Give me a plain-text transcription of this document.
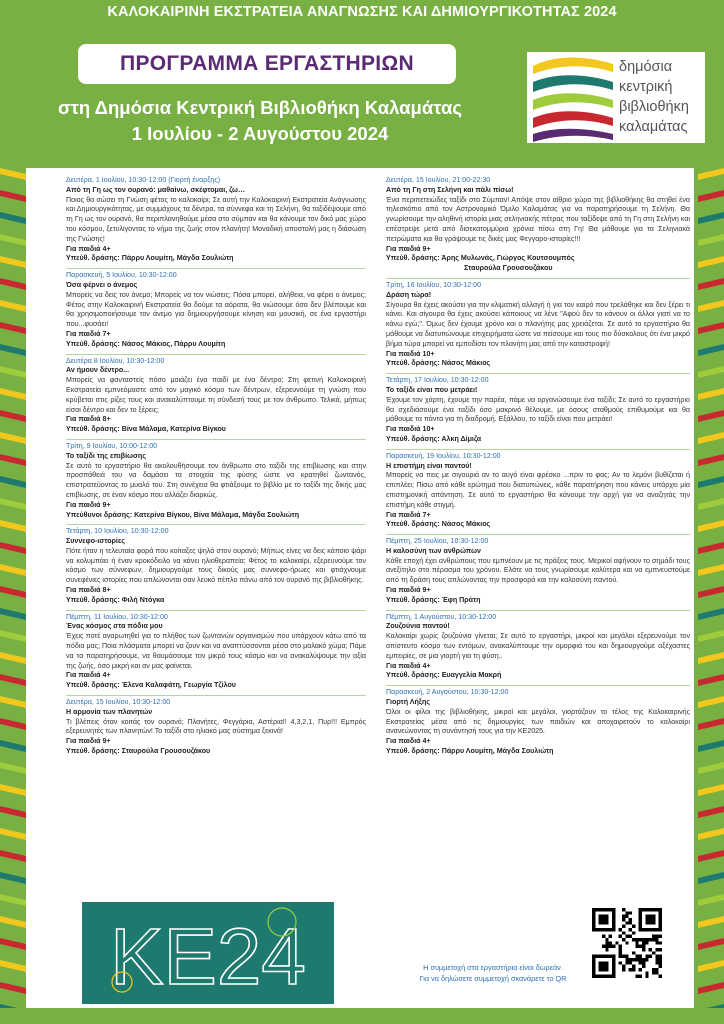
ΚΑΛΟΚΑΙΡΙΝΗ ΕΚΣΤΡΑΤΕΙΑ ΑΝΑΓΝΩΣΗΣ ΚΑΙ ΔΗΜΙΟΥΡΓΙΚΟΤΗΤΑΣ 2024
ΠΡΟΓΡΑΜΜΑ ΕΡΓΑΣΤΗΡΙΩΝ
στη Δημόσια Κεντρική Βιβλιοθήκη Καλαμάτας
1 Ιουλίου - 2 Αυγούστου 2024
δημόσια
κεντρική
βιβλιοθήκη
καλαμάτας
Δευτέρα, 1 Ιουλίου, 10:30-12:00 (Γιορτή έναρξης)
Από τη Γη ως τον ουρανό: μαθαίνω, σκέφτομαι, ζω…
Ποιος θα σώσει τη Γνώση φέτος το καλοκαίρι; Σε αυτή την Καλοκαιρινή Εκστρατεία Ανάγνωσης και Δημιουργικότητας, με συμμάχους τα δέντρα, τα σύννεφα και τη Σελήνη, θα ταξιδέψουμε από τη Γη ως τον ουρανό, θα περιπλανηθούμε μέσα στο σύμπαν και θα κάνουμε τον δικό μας χώρο του κόσμου, ξετυλίγοντας το νήμα της ζωής στον πλανήτη! Μοναδική αποστολή μας η διάσωση της Γνώσης!
Για παιδιά 4+
Υπεύθ. δράσης: Πάρρυ Λουμίτη, Μάγδα Σουλιώτη
Παρασκευή, 5 Ιουλίου, 10:30-12:00
Όσα φέρνει ο άνεμος
Μπορείς να δεις τον άνεμο; Μπορείς να τον νιώσεις; Πόσα μπορεί, αλήθεια, να φέρει ο άνεμος; Φέτος στην Καλοκαιρινή Εκστρατεία θα δούμε τα αόρατα, θα νιώσουμε όσα δεν βλέπουμε και θα χρησιμοποιήσουμε τον άνεμο για δημιουργήσουμε κίνηση και μουσική, σε ένα εργαστήρι που...φυσάει!
Για παιδιά 7+
Υπεύθ. δράσης: Νάσος Μάκιος, Πάρρυ Λουμίτη
Δευτέρα 8 Ιουλίου, 10:30-12:00
Αν ήμουν δέντρο...
Μπορείς να φανταστείς πόσο μοιάζει ένα παιδί με ένα δέντρο; Στη φετινή Καλοκαιρινή Εκστρατεία εμπνεόμαστε από τον μαγικό κόσμο των δέντρων, εξερευνούμε τη γνώση που κρύβεται στις ρίζες τους και ανακαλύπτουμε τη σύνδεσή τους με τον άνθρωπο. Τελικά, μήπως είσαι δέντρο και δεν το ξέρεις;
Για παιδιά 8+
Υπεύθ. δράσης: Βίνα Μάλαμα, Κατερίνα Βίγκου
Τρίτη, 9 Ιουλίου, 10:00-12:00
Το ταξίδι της επιβίωσης
Σε αυτό το εργαστήριο θα ακολουθήσουμε τον άνθρωπο στο ταξίδι της επιβίωσης και στην προσπάθειά του να δαμάσει τα στοιχεία της φύσης ώστε να κρατηθεί ζωντανός, επιστρατεύοντας το μυαλό του. Στη συνέχεια θα φτιάξουμε το βιβλίο με το ταξίδι της δικής μας επιβίωσης, σε έναν κόσμο που αλλάζει διαρκώς.
Για παιδιά 9+
Υπεύθυνοι δράσης: Κατερίνα Βίγκου, Βίνα Μάλαμα, Μάγδα Σουλιώτη
Τετάρτη, 10 Ιουλίου, 10:30-12:00
Συννεφο-ιστορίες
Πότε ήταν η τελευταία φορά που κοίταξες ψηλά στον ουρανό; Μήπως είνες να δεις κάποιο ψάρι να κολυμπάει ή έναν κροκόδειλο να κάνει ηλιοθεραπεία; Φέτος το καλοκαίρι, εξερευνούμε τον κόσμο των σύννεφων, δημιουργούμε τους δικούς μας συννεφο-ήρωες και φτιάχνουμε συνεφένιες ιστορίες που απλώνονται σαν λευκό πέπλο πάνω από τον ουρανό της βιβλιοθήκης.
Για παιδιά 8+
Υπεύθ. δράσης: Φιλή Ντόγκα
Πέμπτη, 11 Ιουλίου, 10:30-12:00
Ένας κόσμος στα πόδια μου
Έχεις ποτέ αναρωτηθεί για το πλήθος των ζωντανών οργανισμών που υπάρχουν κάτω από τα πόδια μας; Ποια πλάσματα μπορεί να ζουν και να αναπτύσσονται μέσα στο μαλακό χώμα; Πάμε να τα παρατηρήσουμε, να θαυμάσουμε τον μικρό τους κόσμο και να ανακαλύψουμε την αξία της ζωής, όσο μικρή και αν μας φαίνεται.
Για παιδιά 4+
Υπεύθ. δράσης: Έλενα Καλαφάτη, Γεωργία Τζίλου
Δευτέρα, 15 Ιουλίου, 10:30-12:00
Η αρμονία των πλανητών
Τι βλέπεις όταν κοιτάς τον ουρανό; Πλανήτες, Φεγγάρια, Αστέρια!! 4,3,2,1, Πυρ!!! Εμπρός εξερευνητές των πλανητών! Το ταξίδι στο ηλιακό μας σύστημα ξεκινά!
Για παιδιά 9+
Υπεύθ. δράσης: Σταυρούλα Γρουσουζάκου
Δευτέρα, 15 Ιουλίου, 21:00-22:30
Από τη Γη στη Σελήνη και πάλι πίσω!
Ένα περιπετειώδες ταξίδι στο Σύμπαν! Απόψε στον αίθριο χώρο της βιβλιοθήκης θα στηθεί ένα τηλεσκόπιο από τον Αστρονομικό Όμιλο Καλαμάτας για να παρατηρήσουμε τη Σελήνη. Θα γνωρίσουμε την αληθινή ιστορία μιας σεληνιακής πέτρας που ταξίδεψε από τη Γη στη Σελήνη και επέστρεψε μετά από δισεκατομμύρια χρόνια πίσω στη Γη! Θα μάθουμε για τα Σεληνιακά πετρώματα και θα γράψουμε τις δικές μας Φεγγαρο-ιστορίες!!!
Για παιδιά 9+
Υπεύθ. δράσης: Άρης Μυλωνάς, Γιώργος Κουτσουμπός
Σταυρούλα Γρουσουζάκου
Τρίτη, 16 Ιουλίου, 10:30-12:00
Δράση τώρα!
Σίγουρα θα έχεις ακούσει για την κλιματική αλλαγή ή για τον καιρό που τρελάθηκε και δεν ξέρει τι κάνει. Και σίγουρα θα έχεις ακούσει κάποιους να λένε "Αφού δεν το κάνουν οι άλλοι γιατί να το κάνω εγώ;". Όμως δεν έχουμε χρόνο και ο πλανήτης μας χρειάζεται. Σε αυτό το εργαστήριο θα μάθουμε να διατυπώνουμε επιχειρήματα ώστε να πείσουμε και τους πιο δύσκολους ότι ένα μικρό βήμα τώρα μπορεί να εμποδίσει τον πλανήτη μας από την καταστροφή!
Για παιδιά 10+
Υπεύθ. δράσης: Νάσος Μάκιος
Τετάρτη, 17 Ιουλίου, 10:30-12:00
Το ταξίδι είναι που μετράει!
Έχουμε τον χάρτη, έχουμε την παρέα, πάμε να οργανώσουμε ένα ταξίδι; Σε αυτό το εργαστήριο θα σχεδιάσουμε ένα ταξίδι όσο μακρινό θέλουμε, με όσους σταθμούς επιθυμούμε και θα μάθουμε τα πάντα για τη διαδρομή. Εξάλλου, το ταξίδι είναι που μετράει!
Για παιδιά 10+
Υπεύθ. δράσης: Αλκη Δίμιζα
Παρασκευή, 19 Ιουλίου, 10:30-12:00
Η επιστήμη είναι παντού!
Μπορείς να πεις με σιγουριά αν το αυγό είναι φρέσκο ...πριν το φας; Αν το λεμόνι βυθίζεται ή επιπλέει; Πίσω από κάθε ερώτημα που διατυπώνεις, κάθε παρατήρηση που κάνεις υπάρχει μία επιστημονική απάντηση. Σε αυτό το εργαστήριο θα κάνουμε την αρχή για να αναζητάς την επιστήμη κάθε στιγμή.
Για παιδιά 7+
Υπεύθ. δράσης: Νάσος Μάκιος
Πέμπτη, 25 Ιουλίου, 10:30-12:00
Η καλοσύνη των ανθρώπων
Κάθε εποχή έχει ανθρώπους που εμπνέουν με τις πράξεις τους. Μερικοί αφήνουν το σημάδι τους ανεξίτηλο στο πέρασμα του χρόνου. Ελάτε να τους γνωρίσουμε καλύτερα και να εμπνευστούμε από τη δράση τους απλώνοντας την προσφορά και την καλοσύνη παντού.
Για παιδιά 9+
Υπεύθ. δράσης: Έφη Πράτη
Πέμπτη, 1 Αυγούστου, 10:30-12:00
Ζουζούνια παντού!
Καλοκαίρι χωρίς ζουζούνια γίνεται; Σε αυτό το εργαστήρι, μικροί και μεγάλοι εξερευνούμε τον απίστευτο κόσμο των εντόμων, ανακαλύπτουμε την ομορφιά του και δημιουργούμε αξέχαστες εμπειρίες, σε μια γιορτή για τη φύση..
Για παιδιά 4+
Υπεύθ. δράσης: Ευαγγελία Μακρή
Παρασκευή, 2 Αυγούστου, 10:30-12:00
Γιορτή Λήξης
Όλοι οι φίλοι της βιβλιοθήκης, μικροί και μεγάλοι, γιορτάζουν το τέλος της Καλοκαιρινής Εκστρατείας μέσα από τις δημιουργίες των παιδιών και αποχαιρετούν το καλοκαίρι ανανεώνοντας τη συνάντησή τους για την ΚΕ2025.
Για παιδιά 4+
Υπεύθ. δράσης: Πάρρυ Λουμίτη, Μάγδα Σουλιώτη
KE24	Η συμμετοχή στα εργαστήρια είναι δωρεάν.
Για να δηλώσετε συμμετοχή σκανάρετε το QR
